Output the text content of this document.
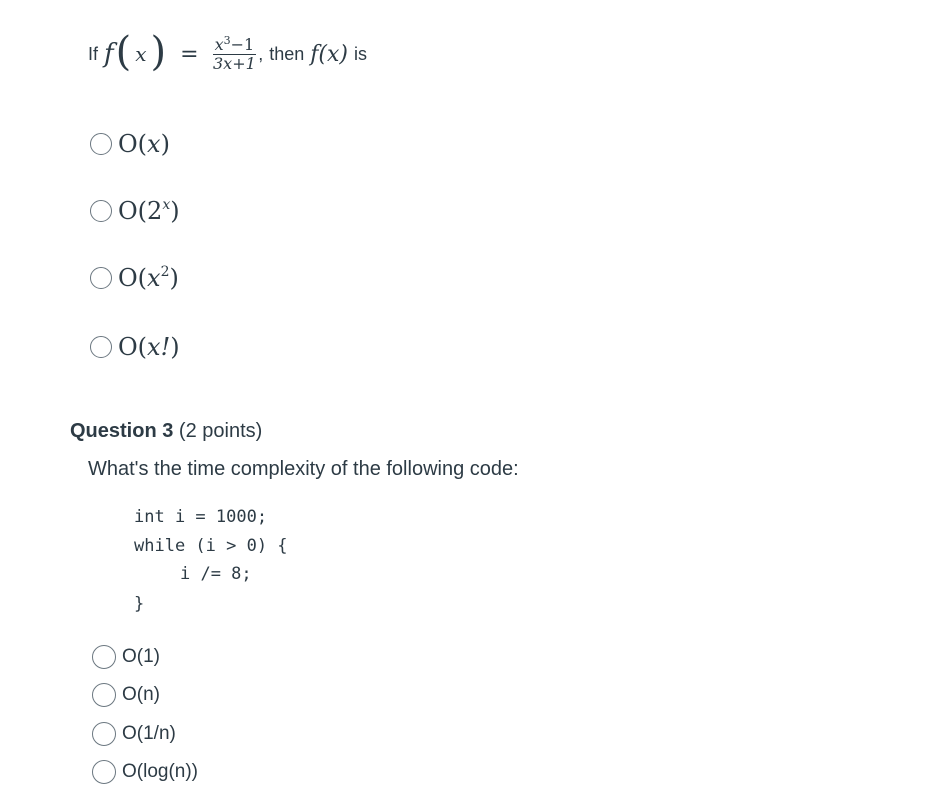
If f ( x ) = $\frac{x^3-1}{3x+1}$ , then f(x) is
O(x)
O(2$^x$)
$O(x^2)$
O(x!)
Question 3 (2 points)
What's the time complexity of the following code:
int i = 1000;
while (i > 0) {
i /= 8;
}
O(1)
O(n)
O(1/n)
O(log(n))
